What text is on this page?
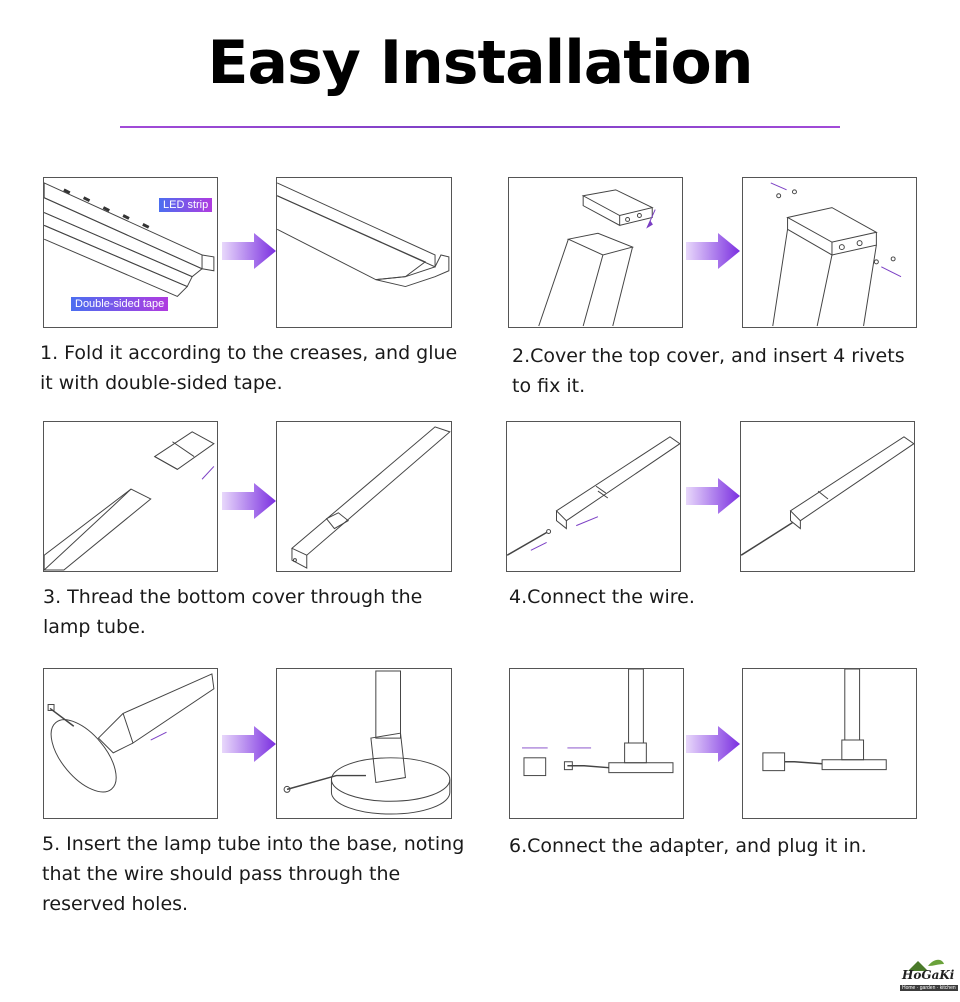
Easy Installation
LED strip
Double-sided tape
1. Fold it according to the creases, and glue
it with double-sided tape.
2.Cover the top cover, and insert 4 rivets
to fix it.
3. Thread the bottom cover through the
lamp tube.
4.Connect the wire.
5. Insert the lamp tube into the base, noting
that the wire should pass through the
reserved holes.
6.Connect the adapter, and plug it in.
HoGaKi
Home · garden · kitchen
